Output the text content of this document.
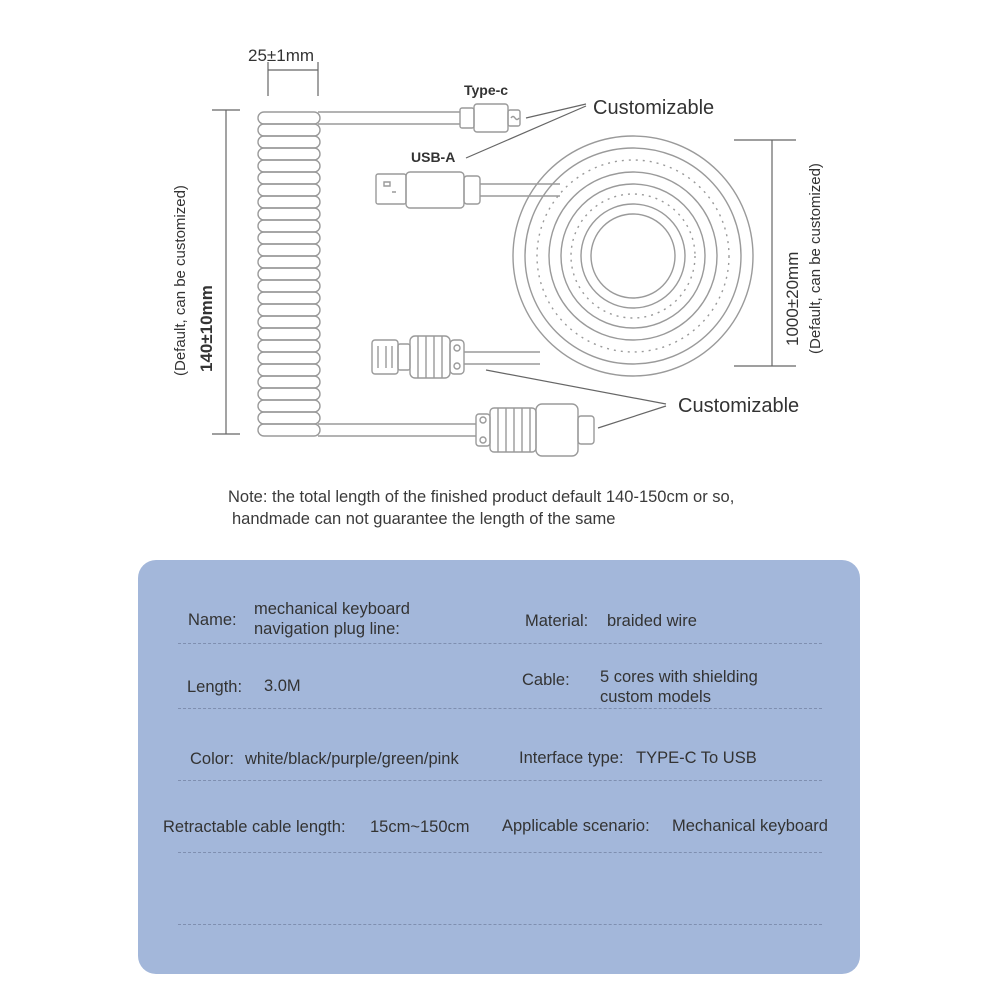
25±1mm
Type-c
USB-A
Customizable
Customizable
140±10mm
(Default, can be customized)	1000±20mm (Default, can be customized)
Note: the total length of the finished product default 140-150cm or so,
handmade can not guarantee the length of the same
Name:
mechanical keyboard
navigation plug line:	Material: braided wire
Length: 3.0M	Cable: 5 cores with shielding
custom models
Color: white/black/purple/green/pink	Interface type: TYPE-C To USB
Retractable cable length: 15cm~150cm Applicable scenario: Mechanical keyboard
